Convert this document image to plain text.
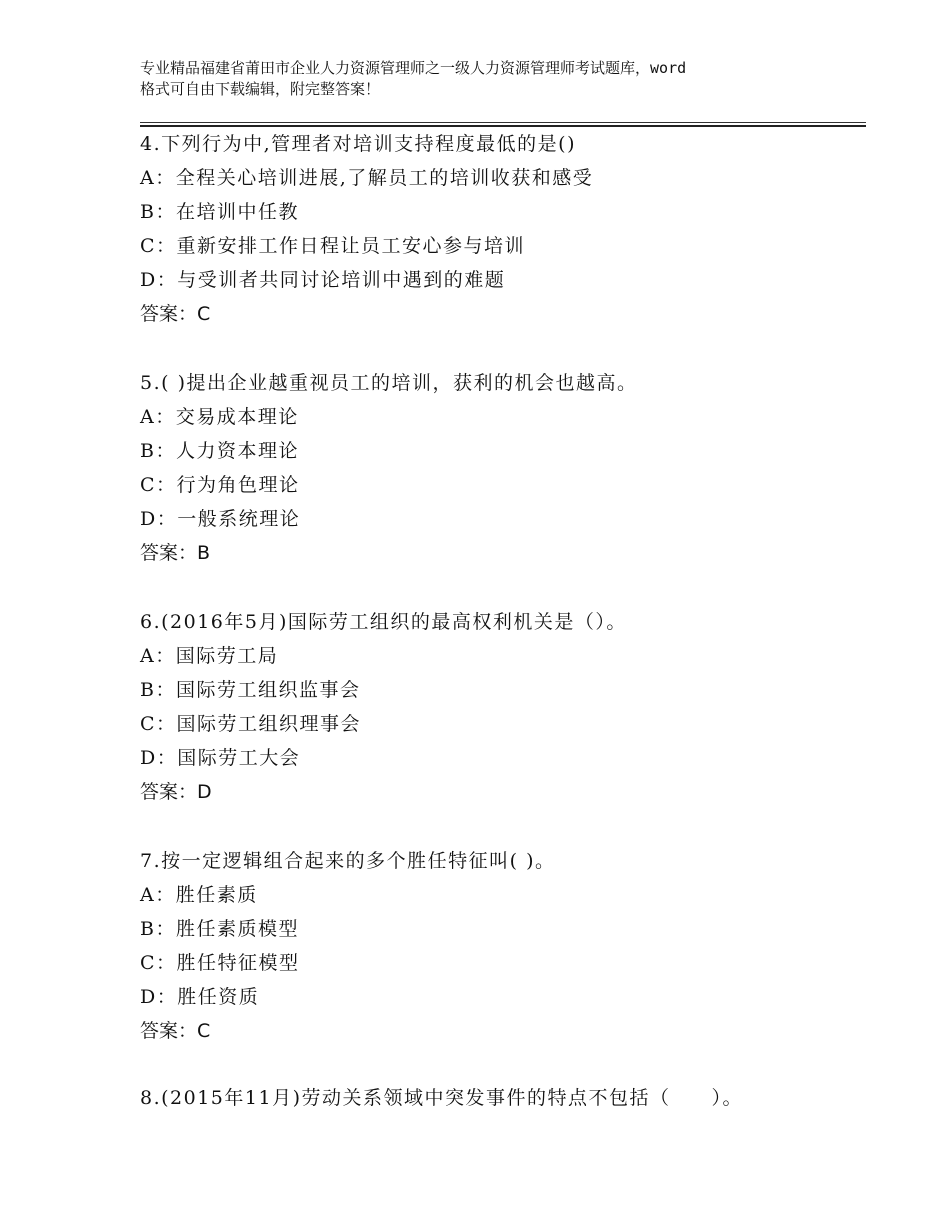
专业精品福建省莆田市企业人力资源管理师之一级人力资源管理师考试题库，word
格式可自由下载编辑，附完整答案！
4.下列行为中,管理者对培训支持程度最低的是()
A：全程关心培训进展,了解员工的培训收获和感受
B：在培训中任教
C：重新安排工作日程让员工安心参与培训
D：与受训者共同讨论培训中遇到的难题
答案：C
5.( )提出企业越重视员工的培训，获利的机会也越高。
A：交易成本理论
B：人力资本理论
C：行为角色理论
D：一般系统理论
答案：B
6.(2016年5月)国际劳工组织的最高权利机关是（）。
A：国际劳工局
B：国际劳工组织监事会
C：国际劳工组织理事会
D：国际劳工大会
答案：D
7.按一定逻辑组合起来的多个胜任特征叫( )。
A：胜任素质
B：胜任素质模型
C：胜任特征模型
D：胜任资质
答案：C
8.(2015年11月)劳动关系领域中突发事件的特点不包括（　　）。
